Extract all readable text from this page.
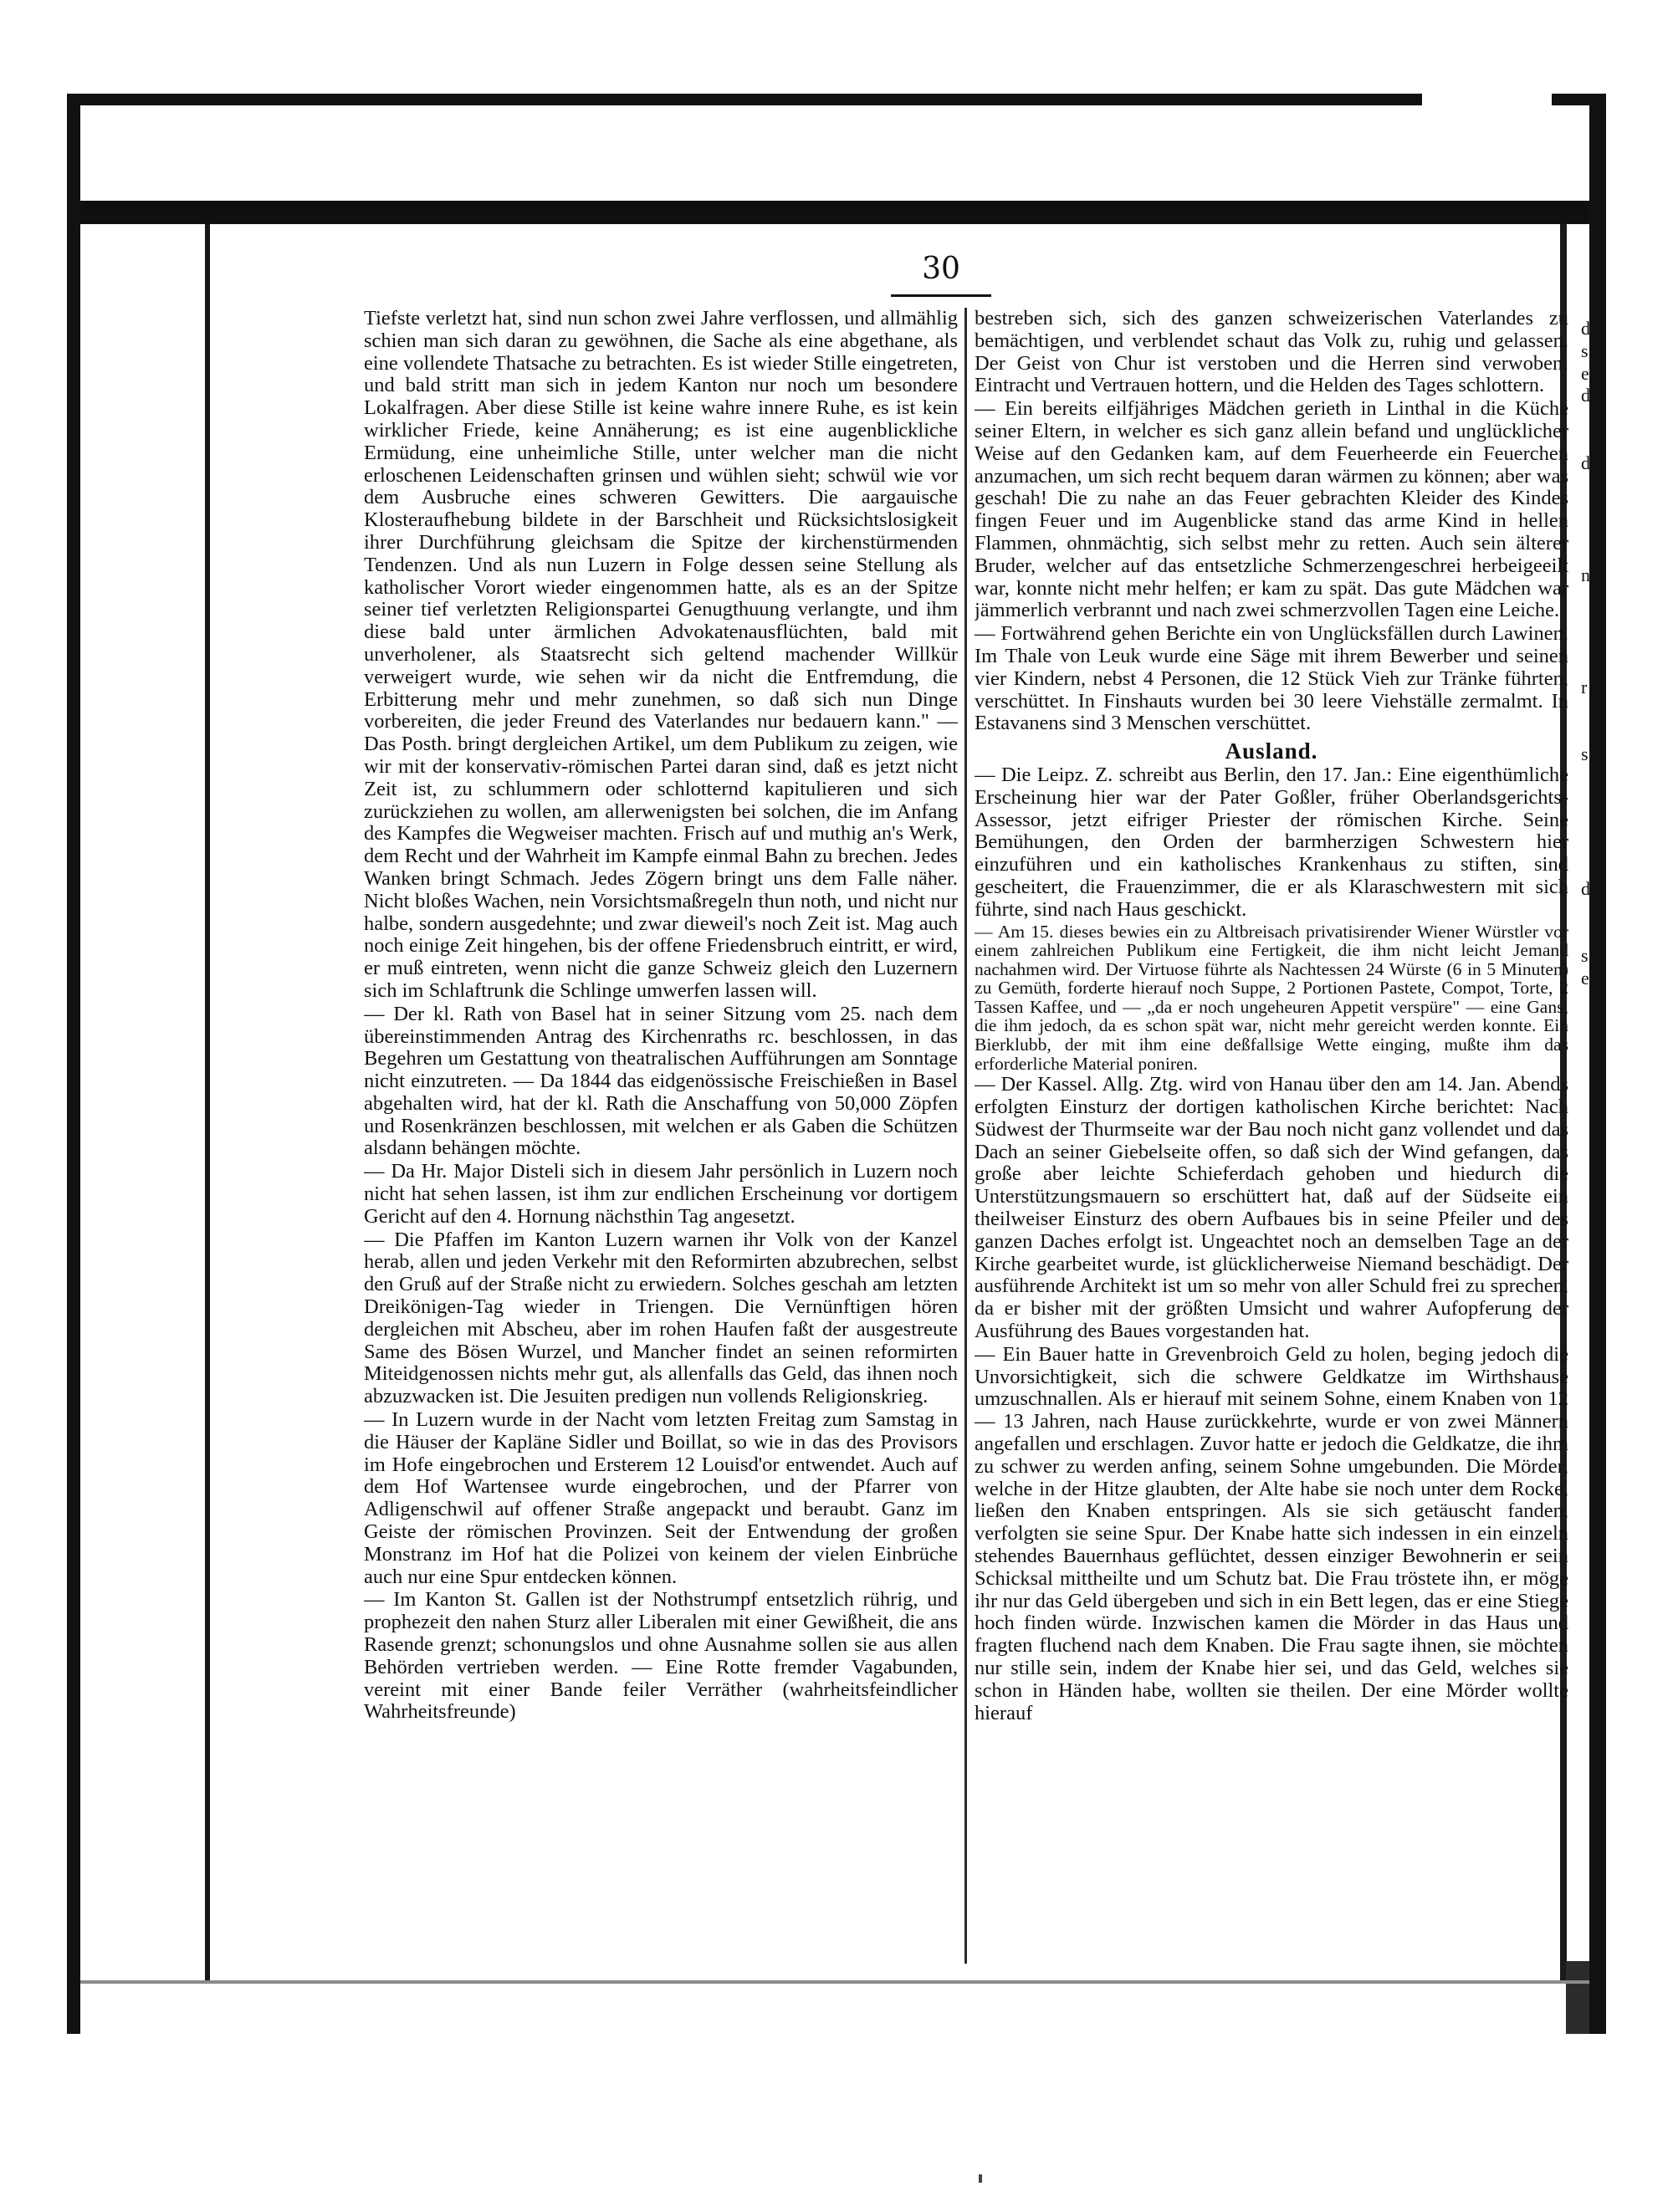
30

Tiefste verletzt hat, sind nun schon zwei Jahre verflossen, und allmählig schien man sich daran zu gewöhnen, die Sache als eine abgethane, als eine vollendete Thatsache zu betrachten. Es ist wieder Stille eingetreten, und bald stritt man sich in jedem Kanton nur noch um besondere Lokalfragen. Aber diese Stille ist keine wahre innere Ruhe, es ist kein wirklicher Friede, keine Annäherung; es ist eine augenblickliche Ermüdung, eine unheimliche Stille, unter welcher man die nicht erloschenen Leidenschaften grinsen und wühlen sieht; schwül wie vor dem Ausbruche eines schweren Gewitters. Die aargauische Klosteraufhebung bildete in der Barschheit und Rücksichtslosigkeit ihrer Durchführung gleichsam die Spitze der kirchenstürmenden Tendenzen. Und als nun Luzern in Folge dessen seine Stellung als katholischer Vorort wieder eingenommen hatte, als es an der Spitze seiner tief verletzten Religionspartei Genugthuung verlangte, und ihm diese bald unter ärmlichen Advokatenausflüchten, bald mit unverholener, als Staatsrecht sich geltend machender Willkür verweigert wurde, wie sehen wir da nicht die Entfremdung, die Erbitterung mehr und mehr zunehmen, so daß sich nun Dinge vorbereiten, die jeder Freund des Vaterlandes nur bedauern kann." — Das Posth. bringt dergleichen Artikel, um dem Publikum zu zeigen, wie wir mit der konservativ-römischen Partei daran sind, daß es jetzt nicht Zeit ist, zu schlummern oder schlotternd kapitulieren und sich zurückziehen zu wollen, am allerwenigsten bei solchen, die im Anfang des Kampfes die Wegweiser machten. Frisch auf und muthig an's Werk, dem Recht und der Wahrheit im Kampfe einmal Bahn zu brechen. Jedes Wanken bringt Schmach. Jedes Zögern bringt uns dem Falle näher. Nicht bloßes Wachen, nein Vorsichtsmaßregeln thun noth, und nicht nur halbe, sondern ausgedehnte; und zwar dieweil's noch Zeit ist. Mag auch noch einige Zeit hingehen, bis der offene Friedensbruch eintritt, er wird, er muß eintreten, wenn nicht die ganze Schweiz gleich den Luzernern sich im Schlaftrunk die Schlinge umwerfen lassen will.

— Der kl. Rath von Basel hat in seiner Sitzung vom 25. nach dem übereinstimmenden Antrag des Kirchenraths rc. beschlossen, in das Begehren um Gestattung von theatralischen Aufführungen am Sonntage nicht einzutreten. — Da 1844 das eidgenössische Freischießen in Basel abgehalten wird, hat der kl. Rath die Anschaffung von 50,000 Zöpfen und Rosenkränzen beschlossen, mit welchen er als Gaben die Schützen alsdann behängen möchte.

— Da Hr. Major Disteli sich in diesem Jahr persönlich in Luzern noch nicht hat sehen lassen, ist ihm zur endlichen Erscheinung vor dortigem Gericht auf den 4. Hornung nächsthin Tag angesetzt.

— Die Pfaffen im Kanton Luzern warnen ihr Volk von der Kanzel herab, allen und jeden Verkehr mit den Reformirten abzubrechen, selbst den Gruß auf der Straße nicht zu erwiedern. Solches geschah am letzten Dreikönigen-Tag wieder in Triengen. Die Vernünftigen hören dergleichen mit Abscheu, aber im rohen Haufen faßt der ausgestreute Same des Bösen Wurzel, und Mancher findet an seinen reformirten Miteidgenossen nichts mehr gut, als allenfalls das Geld, das ihnen noch abzuzwacken ist. Die Jesuiten predigen nun vollends Religionskrieg.

— In Luzern wurde in der Nacht vom letzten Freitag zum Samstag in die Häuser der Kapläne Sidler und Boillat, so wie in das des Provisors im Hofe eingebrochen und Ersterem 12 Louisd'or entwendet. Auch auf dem Hof Wartensee wurde eingebrochen, und der Pfarrer von Adligenschwil auf offener Straße angepackt und beraubt. Ganz im Geiste der römischen Provinzen. Seit der Entwendung der großen Monstranz im Hof hat die Polizei von keinem der vielen Einbrüche auch nur eine Spur entdecken können.

— Im Kanton St. Gallen ist der Nothstrumpf entsetzlich rührig, und prophezeit den nahen Sturz aller Liberalen mit einer Gewißheit, die ans Rasende grenzt; schonungslos und ohne Ausnahme sollen sie aus allen Behörden vertrieben werden. — Eine Rotte fremder Vagabunden, vereint mit einer Bande feiler Verräther (wahrheitsfeindlicher Wahrheitsfreunde)

bestreben sich, sich des ganzen schweizerischen Vaterlandes zu bemächtigen, und verblendet schaut das Volk zu, ruhig und gelassen. Der Geist von Chur ist verstoben und die Herren sind verwoben; Eintracht und Vertrauen hottern, und die Helden des Tages schlottern.

— Ein bereits eilfjähriges Mädchen gerieth in Linthal in die Küche seiner Eltern, in welcher es sich ganz allein befand und unglücklicher Weise auf den Gedanken kam, auf dem Feuerheerde ein Feuerchen anzumachen, um sich recht bequem daran wärmen zu können; aber was geschah! Die zu nahe an das Feuer gebrachten Kleider des Kindes fingen Feuer und im Augenblicke stand das arme Kind in hellen Flammen, ohnmächtig, sich selbst mehr zu retten. Auch sein älterer Bruder, welcher auf das entsetzliche Schmerzengeschrei herbeigeeilt war, konnte nicht mehr helfen; er kam zu spät. Das gute Mädchen war jämmerlich verbrannt und nach zwei schmerzvollen Tagen eine Leiche.

— Fortwährend gehen Berichte ein von Unglücksfällen durch Lawinen. Im Thale von Leuk wurde eine Säge mit ihrem Bewerber und seinen vier Kindern, nebst 4 Personen, die 12 Stück Vieh zur Tränke führten, verschüttet. In Finshauts wurden bei 30 leere Viehställe zermalmt. In Estavanens sind 3 Menschen verschüttet.

Ausland.

— Die Leipz. Z. schreibt aus Berlin, den 17. Jan.: Eine eigenthümliche Erscheinung hier war der Pater Goßler, früher Oberlandsgerichts-Assessor, jetzt eifriger Priester der römischen Kirche. Seine Bemühungen, den Orden der barmherzigen Schwestern hier einzuführen und ein katholisches Krankenhaus zu stiften, sind gescheitert, die Frauenzimmer, die er als Klaraschwestern mit sich führte, sind nach Haus geschickt.

— Am 15. dieses bewies ein zu Altbreisach privatisirender Wiener Würstler vor einem zahlreichen Publikum eine Fertigkeit, die ihm nicht leicht Jemand nachahmen wird. Der Virtuose führte als Nachtessen 24 Würste (6 in 5 Minuten) zu Gemüth, forderte hierauf noch Suppe, 2 Portionen Pastete, Compot, Torte, 2 Tassen Kaffee, und — „da er noch ungeheuren Appetit verspüre" — eine Gans, die ihm jedoch, da es schon spät war, nicht mehr gereicht werden konnte. Ein Bierklubb, der mit ihm eine deßfallsige Wette einging, mußte ihm das erforderliche Material poniren.

— Der Kassel. Allg. Ztg. wird von Hanau über den am 14. Jan. Abends erfolgten Einsturz der dortigen katholischen Kirche berichtet: Nach Südwest der Thurmseite war der Bau noch nicht ganz vollendet und das Dach an seiner Giebelseite offen, so daß sich der Wind gefangen, das große aber leichte Schieferdach gehoben und hiedurch die Unterstützungsmauern so erschüttert hat, daß auf der Südseite ein theilweiser Einsturz des obern Aufbaues bis in seine Pfeiler und des ganzen Daches erfolgt ist. Ungeachtet noch an demselben Tage an der Kirche gearbeitet wurde, ist glücklicherweise Niemand beschädigt. Der ausführende Architekt ist um so mehr von aller Schuld frei zu sprechen, da er bisher mit der größten Umsicht und wahrer Aufopferung der Ausführung des Baues vorgestanden hat.

— Ein Bauer hatte in Grevenbroich Geld zu holen, beging jedoch die Unvorsichtigkeit, sich die schwere Geldkatze im Wirthshause umzuschnallen. Als er hierauf mit seinem Sohne, einem Knaben von 12 — 13 Jahren, nach Hause zurückkehrte, wurde er von zwei Männern angefallen und erschlagen. Zuvor hatte er jedoch die Geldkatze, die ihm zu schwer zu werden anfing, seinem Sohne umgebunden. Die Mörder, welche in der Hitze glaubten, der Alte habe sie noch unter dem Rocke, ließen den Knaben entspringen. Als sie sich getäuscht fanden, verfolgten sie seine Spur. Der Knabe hatte sich indessen in ein einzeln stehendes Bauernhaus geflüchtet, dessen einziger Bewohnerin er sein Schicksal mittheilte und um Schutz bat. Die Frau tröstete ihn, er möge ihr nur das Geld übergeben und sich in ein Bett legen, das er eine Stiege hoch finden würde. Inzwischen kamen die Mörder in das Haus und fragten fluchend nach dem Knaben. Die Frau sagte ihnen, sie möchten nur stille sein, indem der Knabe hier sei, und das Geld, welches sie schon in Händen habe, wollten sie theilen. Der eine Mörder wollte hierauf

d
s
e
d

d

n

r

s

d

s
e
